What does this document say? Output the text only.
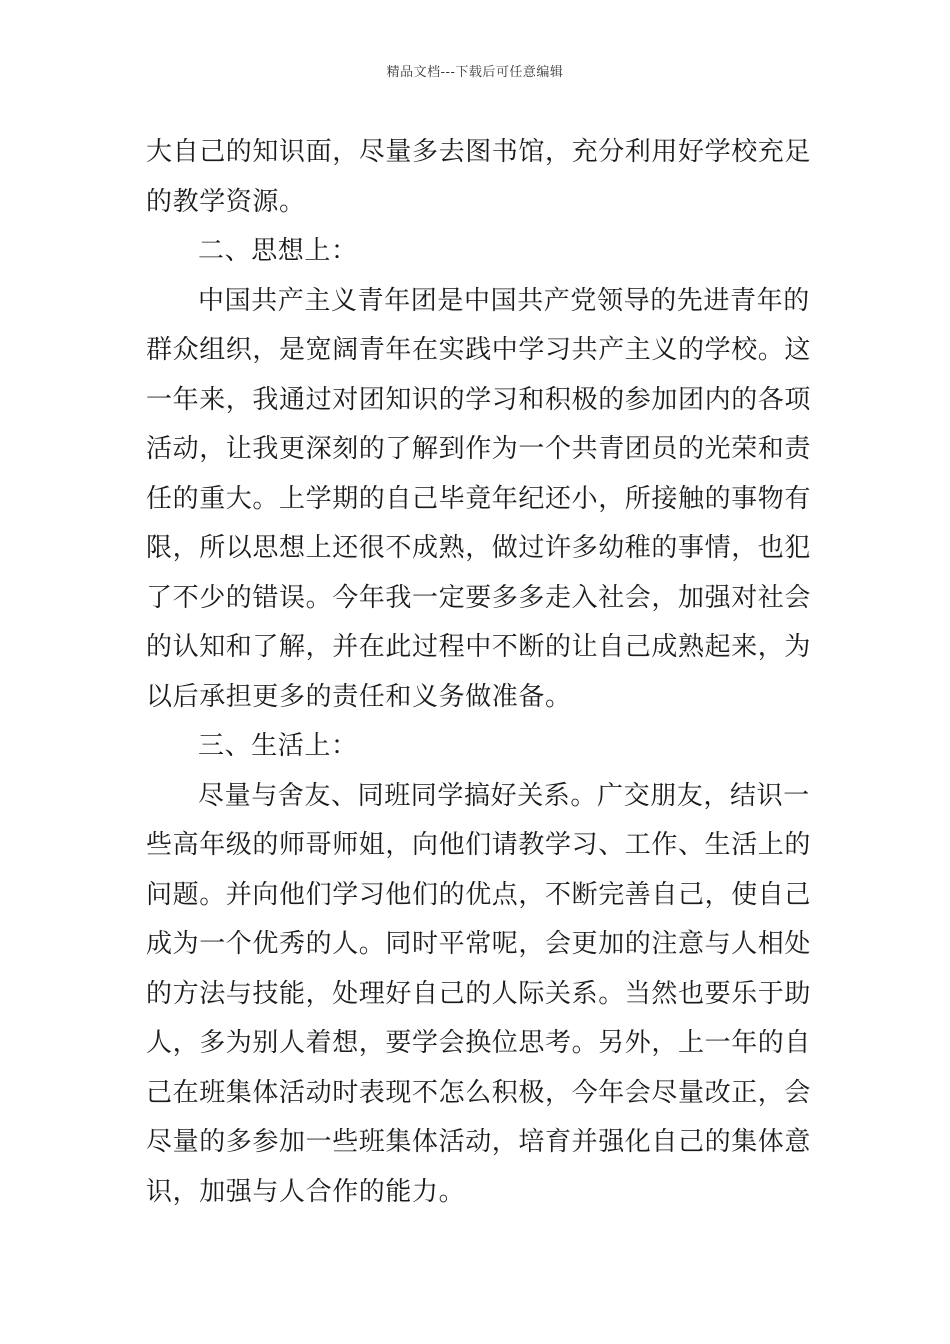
精品文档---下载后可任意编辑
大自己的知识面，尽量多去图书馆，充分利用好学校充足
的教学资源。
二、思想上：
中国共产主义青年团是中国共产党领导的先进青年的
群众组织，是宽阔青年在实践中学习共产主义的学校。这
一年来，我通过对团知识的学习和积极的参加团内的各项
活动，让我更深刻的了解到作为一个共青团员的光荣和责
任的重大。上学期的自己毕竟年纪还小，所接触的事物有
限，所以思想上还很不成熟，做过许多幼稚的事情，也犯
了不少的错误。今年我一定要多多走入社会，加强对社会
的认知和了解，并在此过程中不断的让自己成熟起来，为
以后承担更多的责任和义务做准备。
三、生活上：
尽量与舍友、同班同学搞好关系。广交朋友，结识一
些高年级的师哥师姐，向他们请教学习、工作、生活上的
问题。并向他们学习他们的优点，不断完善自己，使自己
成为一个优秀的人。同时平常呢，会更加的注意与人相处
的方法与技能，处理好自己的人际关系。当然也要乐于助
人，多为别人着想，要学会换位思考。另外，上一年的自
己在班集体活动时表现不怎么积极，今年会尽量改正，会
尽量的多参加一些班集体活动，培育并强化自己的集体意
识，加强与人合作的能力。
